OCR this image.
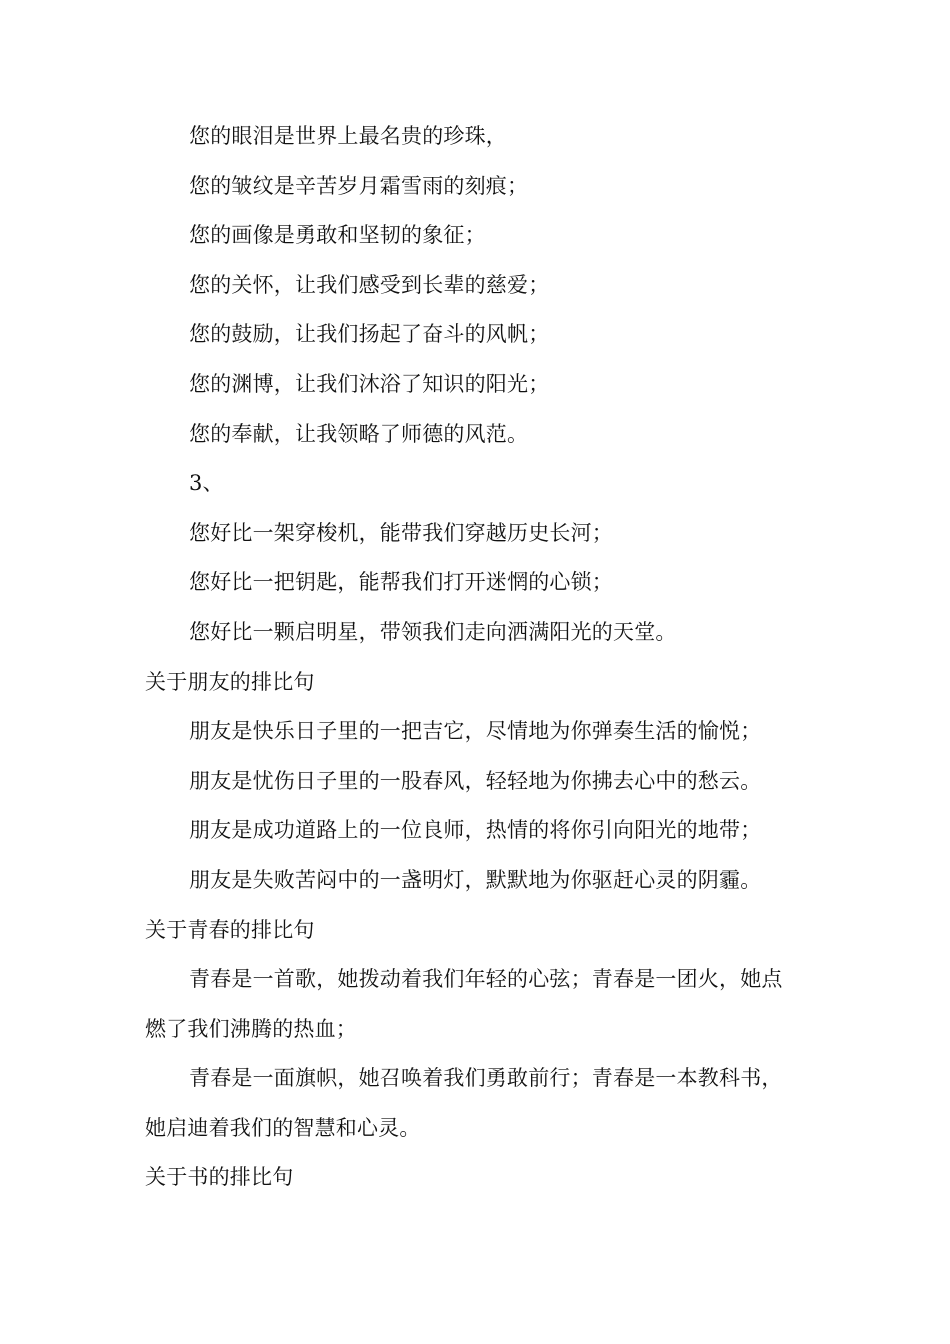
您的眼泪是世界上最名贵的珍珠，
您的皱纹是辛苦岁月霜雪雨的刻痕；
您的画像是勇敢和坚韧的象征；
您的关怀，让我们感受到长辈的慈爱；
您的鼓励，让我们扬起了奋斗的风帆；
您的渊博，让我们沐浴了知识的阳光；
您的奉献，让我领略了师德的风范。
3、
您好比一架穿梭机，能带我们穿越历史长河；
您好比一把钥匙，能帮我们打开迷惘的心锁；
您好比一颗启明星，带领我们走向洒满阳光的天堂。
关于朋友的排比句
朋友是快乐日子里的一把吉它，尽情地为你弹奏生活的愉悦；
朋友是忧伤日子里的一股春风，轻轻地为你拂去心中的愁云。
朋友是成功道路上的一位良师，热情的将你引向阳光的地带；
朋友是失败苦闷中的一盏明灯，默默地为你驱赶心灵的阴霾。
关于青春的排比句
青春是一首歌，她拨动着我们年轻的心弦；青春是一团火，她点
燃了我们沸腾的热血；
青春是一面旗帜，她召唤着我们勇敢前行；青春是一本教科书，
她启迪着我们的智慧和心灵。
关于书的排比句
